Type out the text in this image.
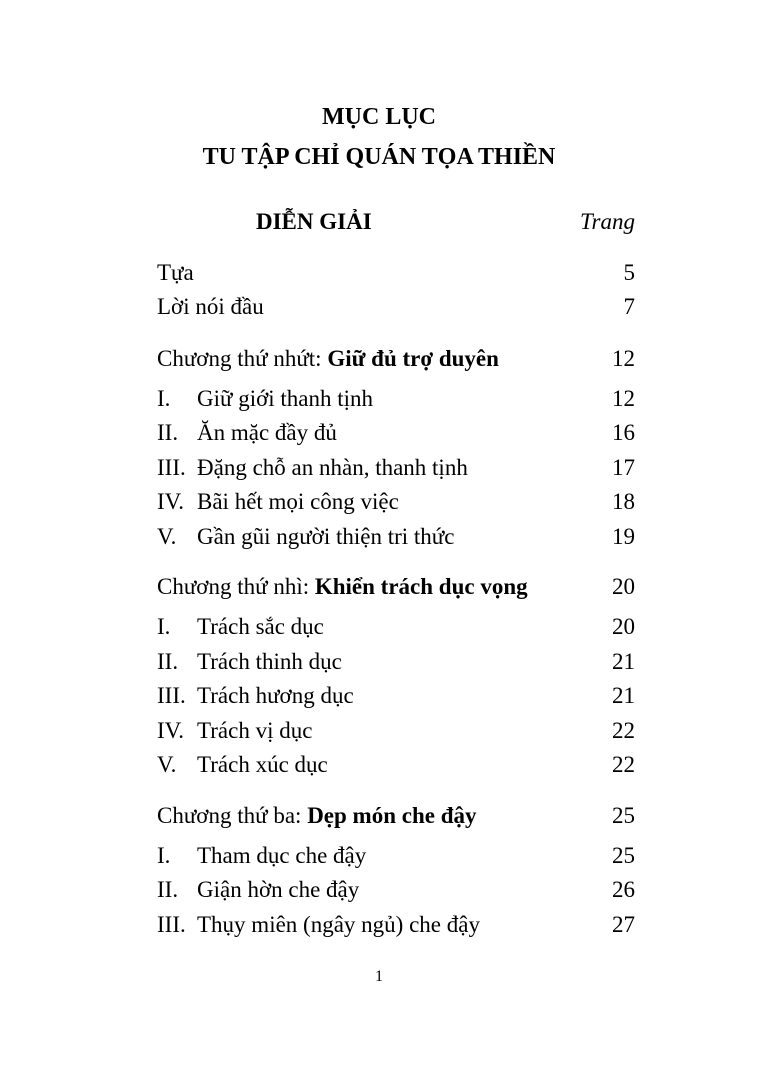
MỤC LỤC
TU TẬP CHỈ QUÁN TỌA THIỀN
DIỄN GIẢI	Trang
Tựa	5
Lời nói đầu	7
Chương thứ nhứt: Giữ đủ trợ duyên	12
I. Giữ giới thanh tịnh	12
II. Ăn mặc đầy đủ	16
III. Đặng chỗ an nhàn, thanh tịnh	17
IV. Bãi hết mọi công việc	18
V. Gần gũi người thiện tri thức	19
Chương thứ nhì: Khiển trách dục vọng	20
I. Trách sắc dục	20
II. Trách thinh dục	21
III. Trách hương dục	21
IV. Trách vị dục	22
V. Trách xúc dục	22
Chương thứ ba: Dẹp món che đậy	25
I. Tham dục che đậy	25
II. Giận hờn che đậy	26
III. Thụy miên (ngây ngủ) che đậy	27
1
